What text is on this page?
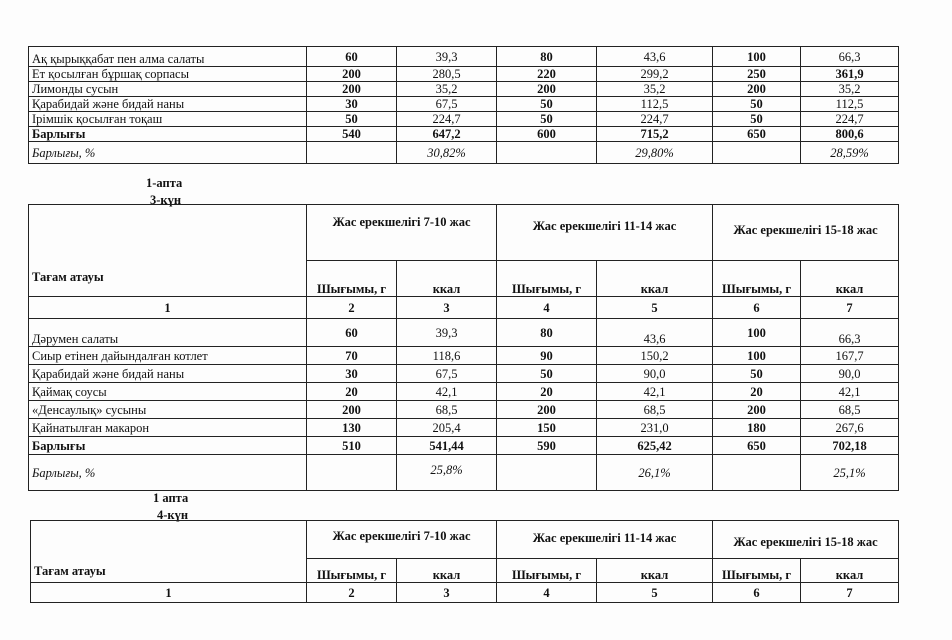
Ақ қырыққабат пен алма салаты	60	39,3	80	43,6	100	66,3
Ет қосылған бұршақ сорпасы	200	280,5	220	299,2	250	361,9
Лимонды сусын	200	35,2	200	35,2	200	35,2
Қарабидай және бидай наны	30	67,5	50	112,5	50	112,5
Ірімшік қосылған тоқаш	50	224,7	50	224,7	50	224,7
Барлығы	540	647,2	600	715,2	650	800,6
Барлығы, %		30,82%		29,80%		28,59%
1-апта
3-күн
Тағам атауы	Жас ерекшелігі 7-10 жас		Жас ерекшелігі 11-14 жас		Жас ерекшелігі 15-18 жас	
	Шығымы, г	ккал	Шығымы, г	ккал	Шығымы, г	ккал
1	2	3	4	5	6	7
Дәрумен салаты	60	39,3	80	43,6	100	66,3
Сиыр етінен дайындалған котлет	70	118,6	90	150,2	100	167,7
Қарабидай және бидай наны	30	67,5	50	90,0	50	90,0
Қаймақ соусы	20	42,1	20	42,1	20	42,1
«Денсаулық» сусыны	200	68,5	200	68,5	200	68,5
Қайнатылған макарон	130	205,4	150	231,0	180	267,6
Барлығы	510	541,44	590	625,42	650	702,18
Барлығы, %		25,8%		26,1%		25,1%
1 апта
4-күн
Тағам атауы	Жас ерекшелігі 7-10 жас		Жас ерекшелігі 11-14 жас		Жас ерекшелігі 15-18 жас	
	Шығымы, г	ккал	Шығымы, г	ккал	Шығымы, г	ккал
1	2	3	4	5	6	7
